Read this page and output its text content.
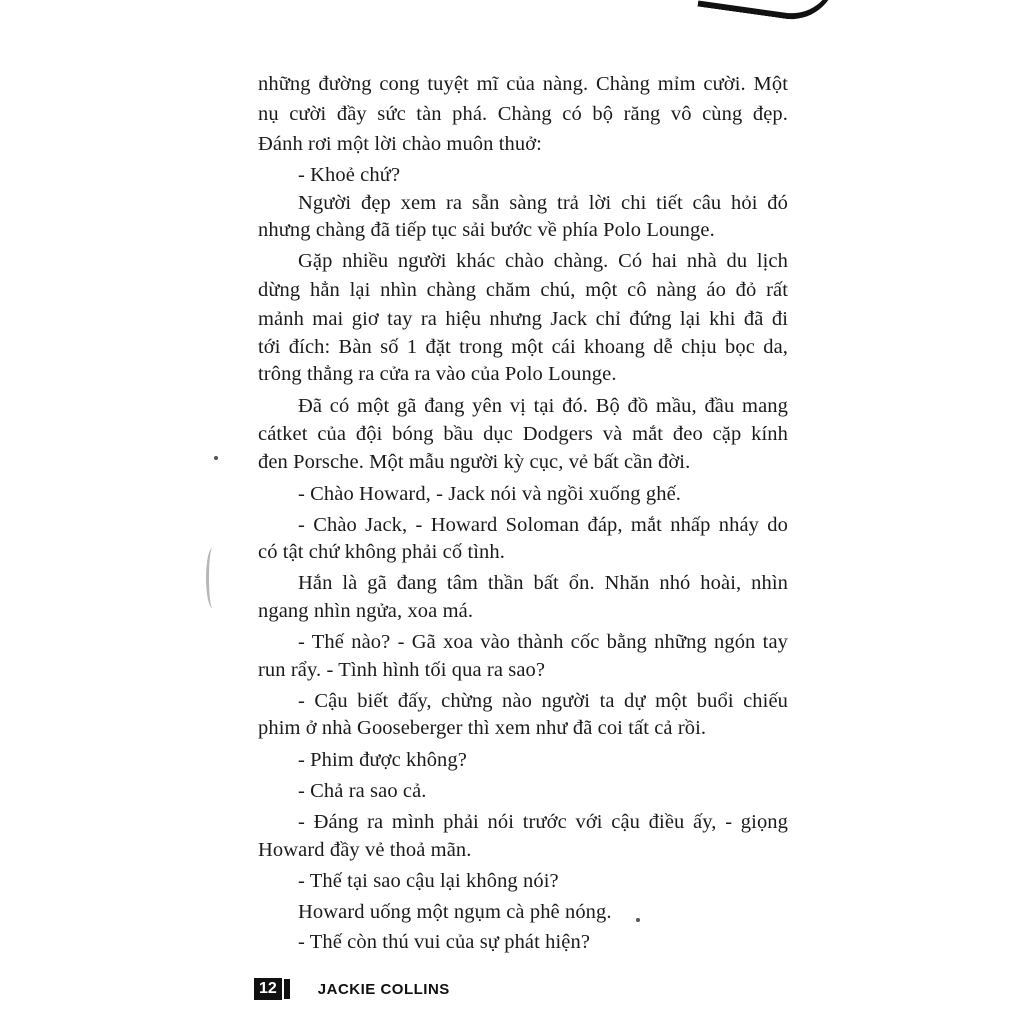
những đường cong tuyệt mĩ của nàng. Chàng mỉm cười. Một
nụ cười đầy sức tàn phá. Chàng có bộ răng vô cùng đẹp.
Đánh rơi một lời chào muôn thuở:
- Khoẻ chứ?
Người đẹp xem ra sẵn sàng trả lời chi tiết câu hỏi đó
nhưng chàng đã tiếp tục sải bước về phía Polo Lounge.
Gặp nhiều người khác chào chàng. Có hai nhà du lịch
dừng hẳn lại nhìn chàng chăm chú, một cô nàng áo đỏ rất
mảnh mai giơ tay ra hiệu nhưng Jack chỉ đứng lại khi đã đi
tới đích: Bàn số 1 đặt trong một cái khoang dễ chịu bọc da,
trông thẳng ra cửa ra vào của Polo Lounge.
Đã có một gã đang yên vị tại đó. Bộ đồ mầu, đầu mang
cátket của đội bóng bầu dục Dodgers và mắt đeo cặp kính
đen Porsche. Một mẫu người kỳ cục, vẻ bất cần đời.
- Chào Howard, - Jack nói và ngồi xuống ghế.
- Chào Jack, - Howard Soloman đáp, mắt nhấp nháy do
có tật chứ không phải cố tình.
Hắn là gã đang tâm thần bất ổn. Nhăn nhó hoài, nhìn
ngang nhìn ngửa, xoa má.
- Thế nào? - Gã xoa vào thành cốc bằng những ngón tay
run rẩy. - Tình hình tối qua ra sao?
- Cậu biết đấy, chừng nào người ta dự một buổi chiếu
phim ở nhà Gooseberger thì xem như đã coi tất cả rồi.
- Phim được không?
- Chả ra sao cả.
- Đáng ra mình phải nói trước với cậu điều ấy, - giọng
Howard đầy vẻ thoả mãn.
- Thế tại sao cậu lại không nói?
Howard uống một ngụm cà phê nóng.
- Thế còn thú vui của sự phát hiện?
12	JACKIE COLLINS
